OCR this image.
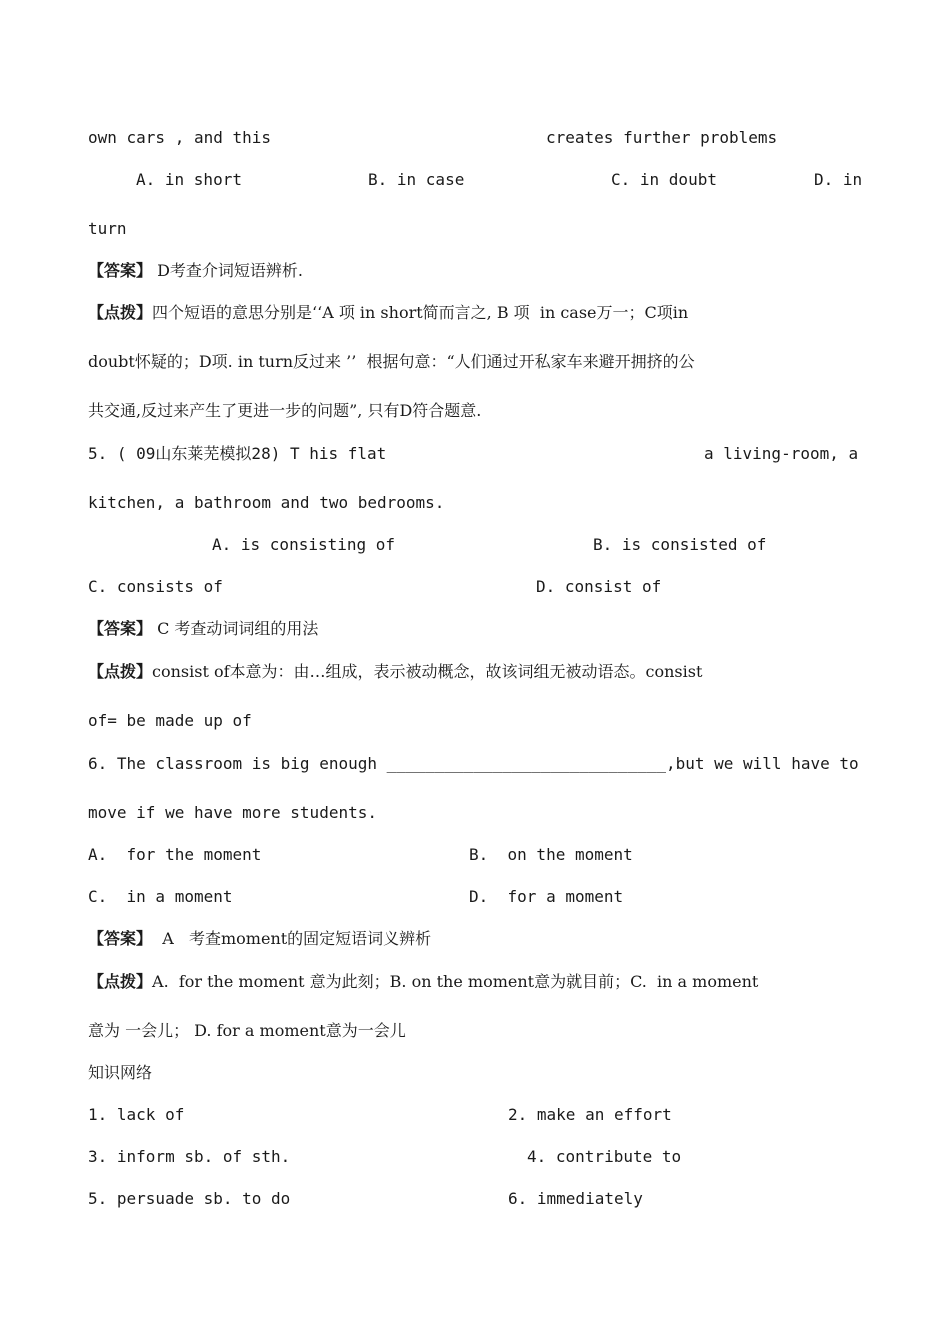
own cars , and this	creates further problems
A. in short	B. in case	C. in doubt	D. in
turn
【答案】 D考查介词短语辨析.
【点拨】四个短语的意思分别是‘‘A 项 in short简而言之, B 项  in case万一；C项in
doubt怀疑的；D项. in turn反过来 ’’  根据句意：“人们通过开私家车来避开拥挤的公
共交通,反过来产生了更进一步的问题”, 只有D符合题意.
5. ( 09山东莱芜模拟28) T his flat	a living-room, a
kitchen, a bathroom and two bedrooms.
A. is consisting of	B. is consisted of
C. consists of	D. consist of
【答案】 C 考查动词词组的用法
【点拨】consist of本意为：由…组成，表示被动概念，故该词组无被动语态。consist
of= be made up of
6. The classroom is big enough _____________________________,but we will have to
move if we have more students.
A.  for the moment	B.  on the moment
C.  in a moment	D.  for a moment
【答案】  A   考查moment的固定短语词义辨析
【点拨】A.  for the moment 意为此刻；B. on the moment意为就目前；C.  in a moment
意为 一会儿； D. for a moment意为一会儿
知识网络
1. lack of	2. make an effort
3. inform sb. of sth.	4. contribute to
5. persuade sb. to do	6. immediately
